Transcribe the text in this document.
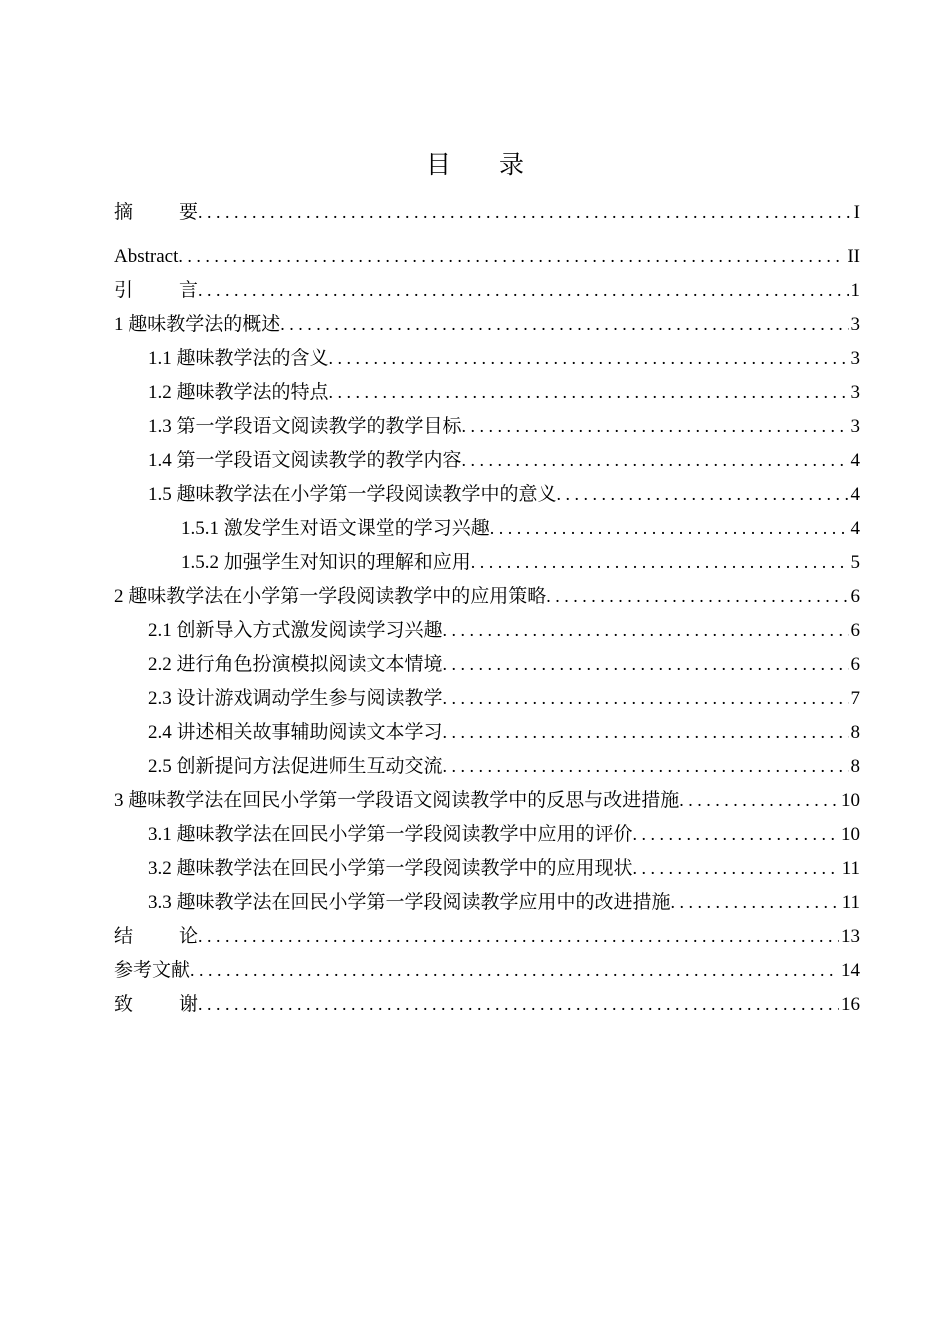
目 录
摘 要 . . .	I
Abstract . . .	II
引 言 . . .	1
1 趣味教学法的概述 . . .	3
1.1 趣味教学法的含义 . . .	3
1.2 趣味教学法的特点 . . .	3
1.3 第一学段语文阅读教学的教学目标 . . .	3
1.4 第一学段语文阅读教学的教学内容 . . .	4
1.5 趣味教学法在小学第一学段阅读教学中的意义 . . .	4
1.5.1 激发学生对语文课堂的学习兴趣 . . .	4
1.5.2 加强学生对知识的理解和应用 . . .	5
2 趣味教学法在小学第一学段阅读教学中的应用策略 . . .	6
2.1 创新导入方式激发阅读学习兴趣 . . .	6
2.2 进行角色扮演模拟阅读文本情境 . . .	6
2.3 设计游戏调动学生参与阅读教学 . . .	7
2.4 讲述相关故事辅助阅读文本学习 . . .	8
2.5 创新提问方法促进师生互动交流 . . .	8
3 趣味教学法在回民小学第一学段语文阅读教学中的反思与改进措施 . . .	10
3.1 趣味教学法在回民小学第一学段阅读教学中应用的评价 . . .	10
3.2 趣味教学法在回民小学第一学段阅读教学中的应用现状 . . .	11
3.3 趣味教学法在回民小学第一学段阅读教学应用中的改进措施 . . .	11
结 论 . . .	13
参考文献 . . .	14
致 谢 . . .	16
